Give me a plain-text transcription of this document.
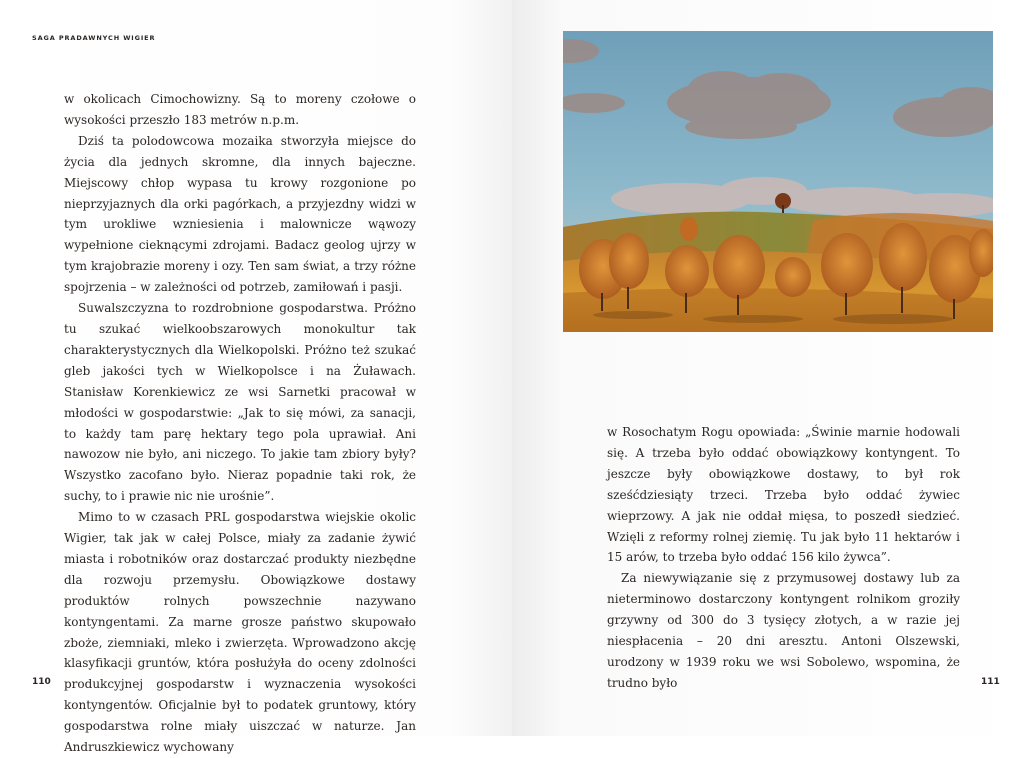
SAGA PRADAWNYCH WIGIER

w okolicach Cimochowizny. Są to moreny czołowe o wysokości przeszło 183 metrów n.p.m.

Dziś ta polodowcowa mozaika stworzyła miejsce do życia dla jednych skromne, dla innych bajeczne. Miejscowy chłop wypasa tu krowy rozgonione po nieprzyjaznych dla orki pagórkach, a przyjezdny widzi w tym urokliwe wzniesienia i malownicze wąwozy wypełnione cieknącymi zdrojami. Badacz geolog ujrzy w tym krajobrazie moreny i ozy. Ten sam świat, a trzy różne spojrzenia – w zależności od potrzeb, zamiłowań i pasji.

Suwalszczyzna to rozdrobnione gospodarstwa. Próżno tu szukać wielkoobszarowych monokultur tak charakterystycznych dla Wielkopolski. Próżno też szukać gleb jakości tych w Wielkopolsce i na Żuławach. Stanisław Korenkiewicz ze wsi Sarnetki pracował w młodości w gospodarstwie: „Jak to się mówi, za sanacji, to każdy tam parę hektary tego pola uprawiał. Ani nawozow nie było, ani niczego. To jakie tam zbiory były? Wszystko zacofano było. Nieraz popadnie taki rok, że suchy, to i prawie nic nie urośnie”.

Mimo to w czasach PRL gospodarstwa wiejskie okolic Wigier, tak jak w całej Polsce, miały za zadanie żywić miasta i robotników oraz dostarczać produkty niezbędne dla rozwoju przemysłu. Obowiązkowe dostawy produktów rolnych powszechnie nazywano kontyngentami. Za marne grosze państwo skupowało zboże, ziemniaki, mleko i zwierzęta. Wprowadzono akcję klasyfikacji gruntów, która posłużyła do oceny zdolności produkcyjnej gospodarstw i wyznaczenia wysokości kontyngentów. Oficjalnie był to podatek gruntowy, który gospodarstwa rolne miały uiszczać w naturze. Jan Andruszkiewicz wychowany

110

w Rosochatym Rogu opowiada: „Świnie marnie hodowali się. A trzeba było oddać obowiązkowy kontyngent. To jeszcze były obowiązkowe dostawy, to był rok sześćdziesiąty trzeci. Trzeba było oddać żywiec wieprzowy. A jak nie oddał mięsa, to poszedł siedzieć. Wzięli z reformy rolnej ziemię. Tu jak było 11 hektarów i 15 arów, to trzeba było oddać 156 kilo żywca”.

Za niewywiązanie się z przymusowej dostawy lub za nieterminowo dostarczony kontyngent rolnikom groziły grzywny od 300 do 3 tysięcy złotych, a w razie jej niespłacenia – 20 dni aresztu. Antoni Olszewski, urodzony w 1939 roku we wsi Sobolewo, wspomina, że trudno było	111
